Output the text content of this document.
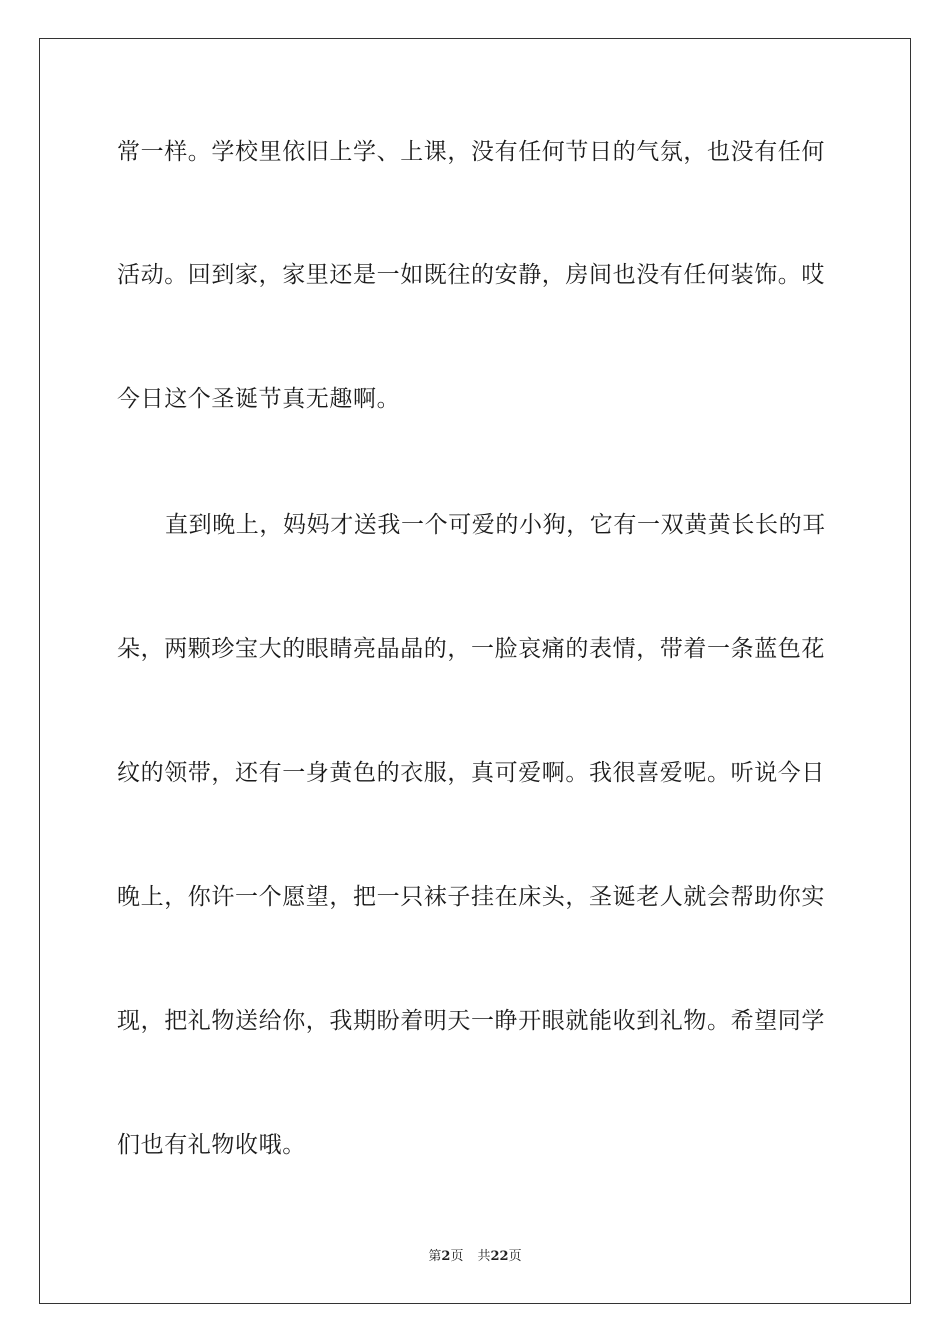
常一样。学校里依旧上学、上课，没有任何节日的气氛，也没有任何
活动。回到家，家里还是一如既往的安静，房间也没有任何装饰。哎
今日这个圣诞节真无趣啊。
直到晚上，妈妈才送我一个可爱的小狗，它有一双黄黄长长的耳
朵，两颗珍宝大的眼睛亮晶晶的，一脸哀痛的表情，带着一条蓝色花
纹的领带，还有一身黄色的衣服，真可爱啊。我很喜爱呢。听说今日
晚上，你许一个愿望，把一只袜子挂在床头，圣诞老人就会帮助你实
现，把礼物送给你，我期盼着明天一睁开眼就能收到礼物。希望同学
们也有礼物收哦。
第2页 共22页
